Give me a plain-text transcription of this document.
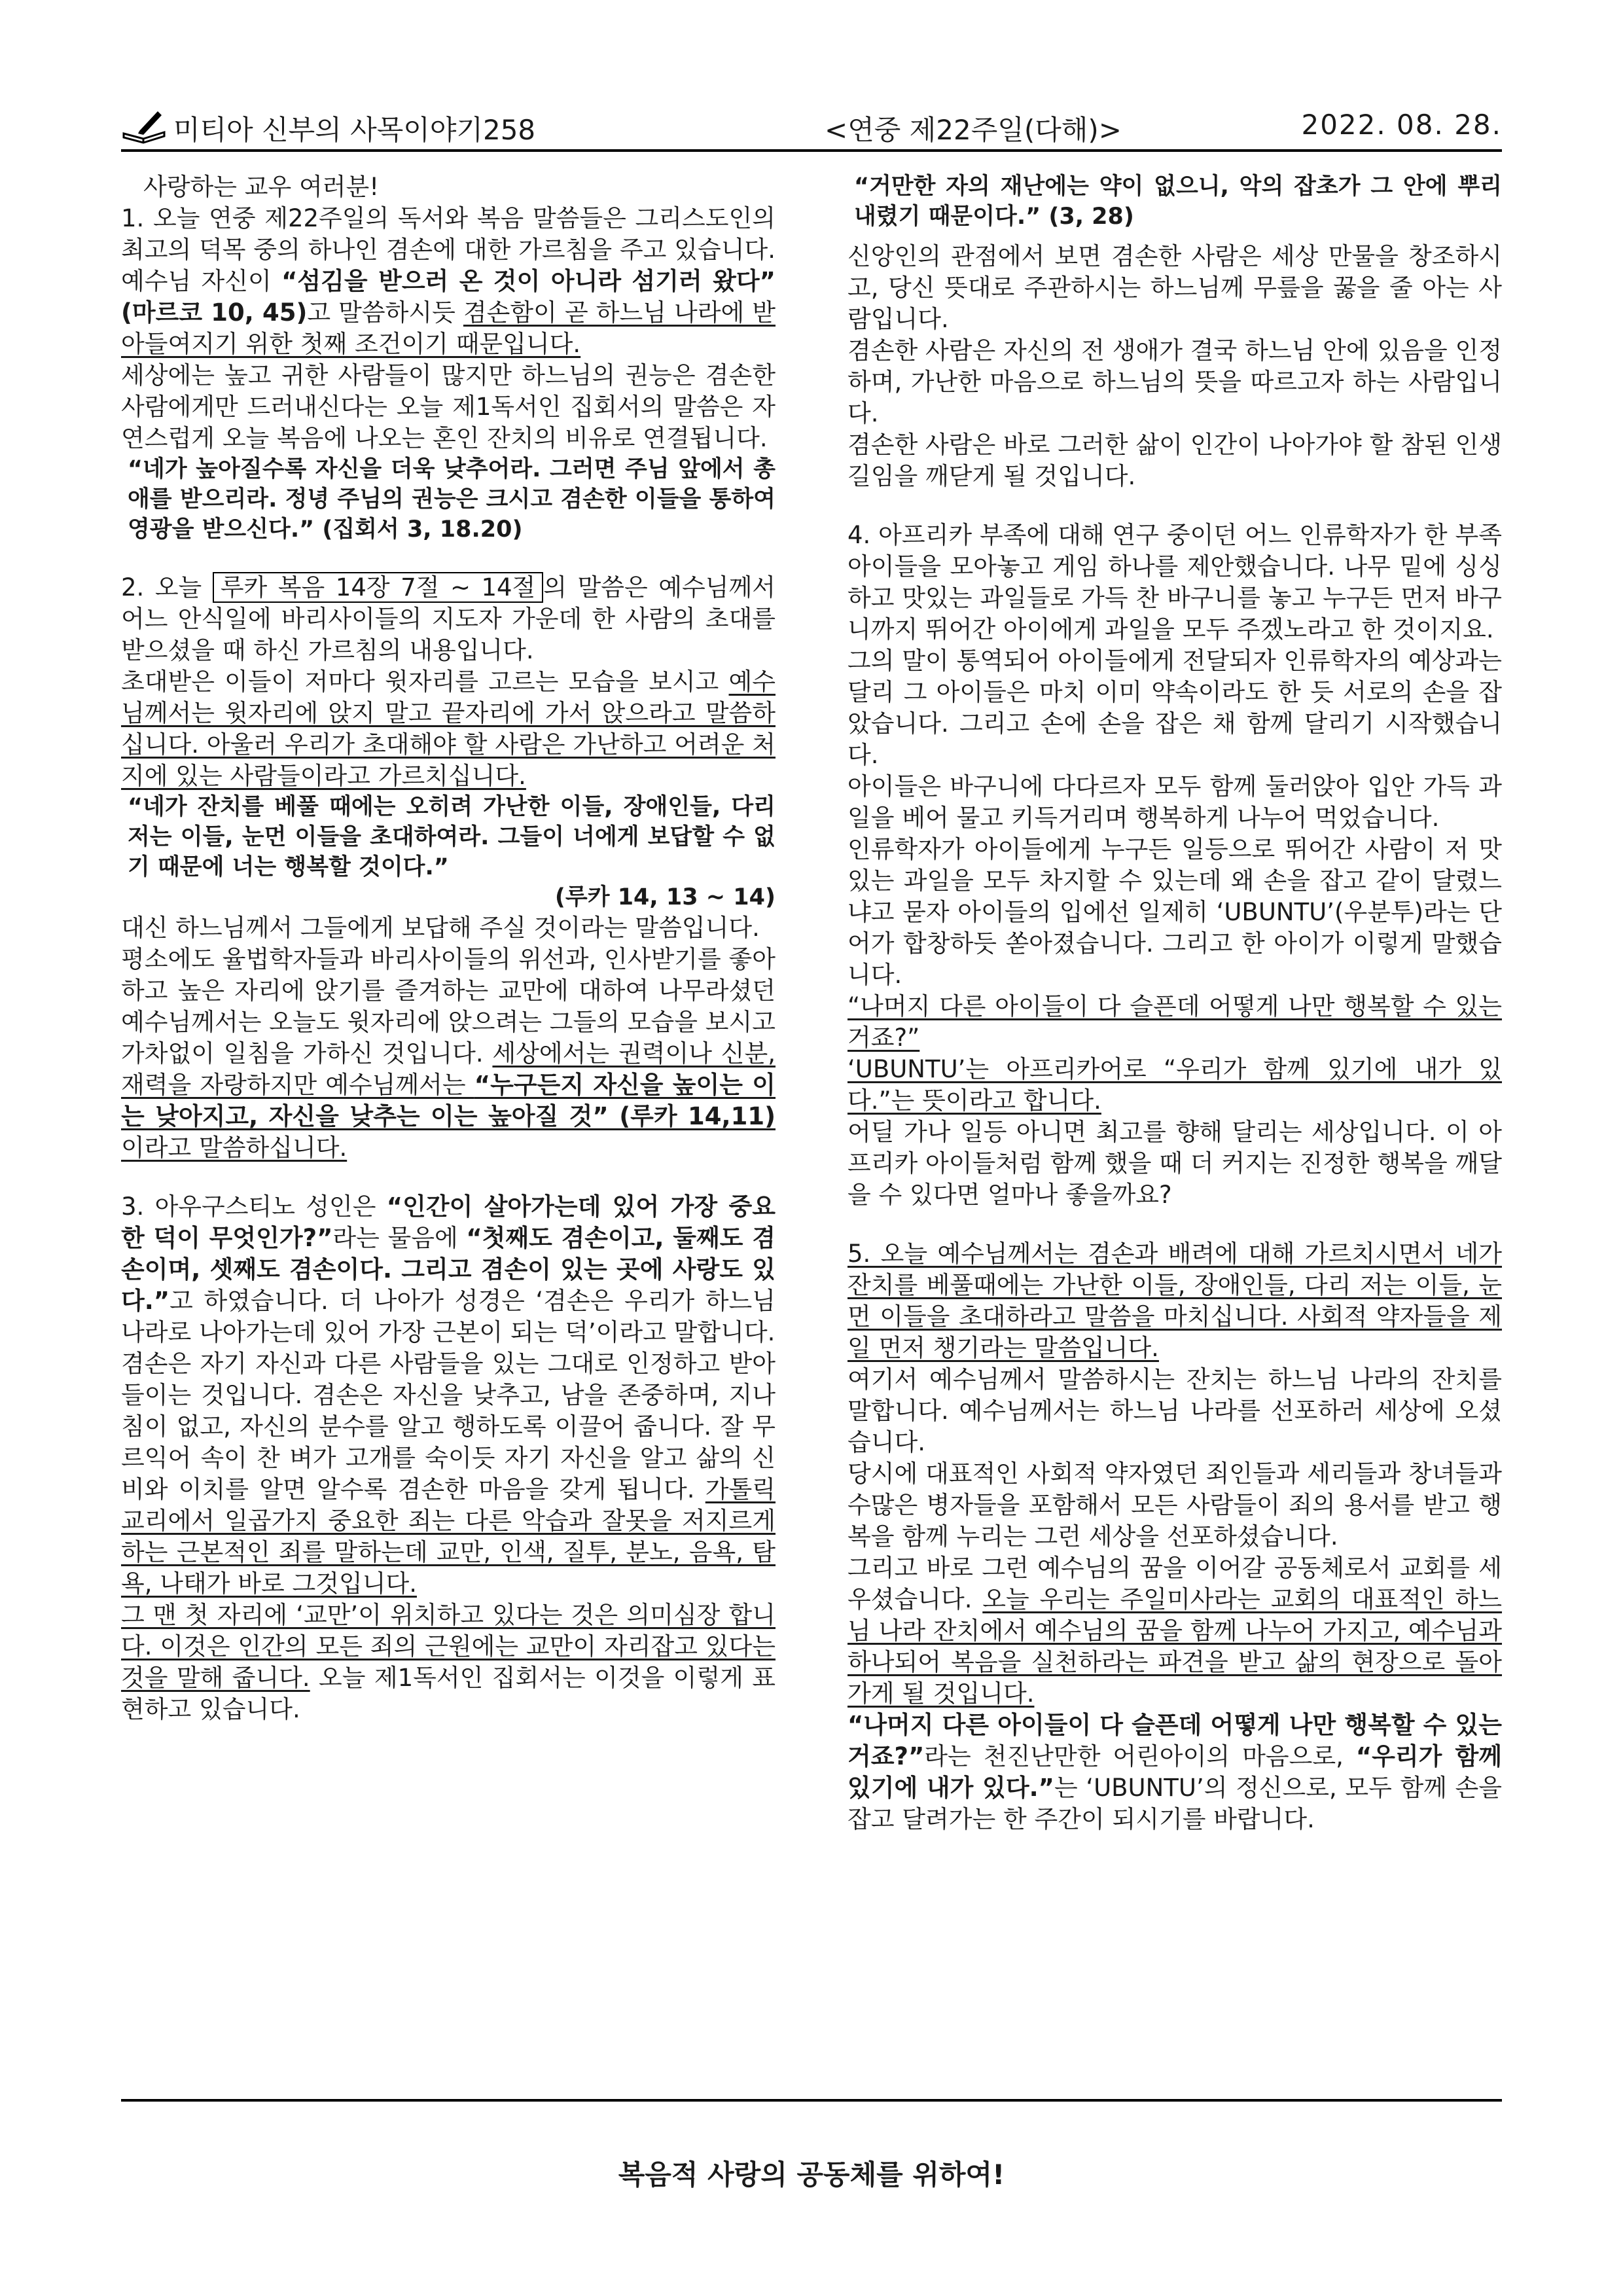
미티아 신부의 사목이야기258	<연중 제22주일(다해)>	2022. 08. 28.

사랑하는 교우 여러분!

1. 오늘 연중 제22주일의 독서와 복음 말씀들은 그리스도인의 최고의 덕목 중의 하나인 겸손에 대한 가르침을 주고 있습니다. 예수님 자신이 “섬김을 받으러 온 것이 아니라 섬기러 왔다” (마르코 10, 45)고 말씀하시듯 겸손함이 곧 하느님 나라에 받아들여지기 위한 첫째 조건이기 때문입니다.

세상에는 높고 귀한 사람들이 많지만 하느님의 권능은 겸손한 사람에게만 드러내신다는 오늘 제1독서인 집회서의 말씀은 자연스럽게 오늘 복음에 나오는 혼인 잔치의 비유로 연결됩니다.

“네가 높아질수록 자신을 더욱 낮추어라. 그러면 주님 앞에서 총애를 받으리라. 정녕 주님의 권능은 크시고 겸손한 이들을 통하여 영광을 받으신다.” (집회서 3, 18.20)

2. 오늘 루카 복음 14장 7절 ~ 14절 의 말씀은 예수님께서 어느 안식일에 바리사이들의 지도자 가운데 한 사람의 초대를 받으셨을 때 하신 가르침의 내용입니다.

초대받은 이들이 저마다 윗자리를 고르는 모습을 보시고 예수님께서는 윗자리에 앉지 말고 끝자리에 가서 앉으라고 말씀하십니다. 아울러 우리가 초대해야 할 사람은 가난하고 어려운 처지에 있는 사람들이라고 가르치십니다.

“네가 잔치를 베풀 때에는 오히려 가난한 이들, 장애인들, 다리 저는 이들, 눈먼 이들을 초대하여라. 그들이 너에게 보답할 수 없기 때문에 너는 행복할 것이다.”

(루카 14, 13 ~ 14)

대신 하느님께서 그들에게 보답해 주실 것이라는 말씀입니다.

평소에도 율법학자들과 바리사이들의 위선과, 인사받기를 좋아하고 높은 자리에 앉기를 즐겨하는 교만에 대하여 나무라셨던 예수님께서는 오늘도 윗자리에 앉으려는 그들의 모습을 보시고 가차없이 일침을 가하신 것입니다. 세상에서는 권력이나 신분, 재력을 자랑하지만 예수님께서는 “누구든지 자신을 높이는 이는 낮아지고, 자신을 낮추는 이는 높아질 것” (루카 14,11)이라고 말씀하십니다.

3. 아우구스티노 성인은 “인간이 살아가는데 있어 가장 중요한 덕이 무엇인가?”라는 물음에 “첫째도 겸손이고, 둘째도 겸손이며, 셋째도 겸손이다. 그리고 겸손이 있는 곳에 사랑도 있다.”고 하였습니다. 더 나아가 성경은 ‘겸손은 우리가 하느님 나라로 나아가는데 있어 가장 근본이 되는 덕’이라고 말합니다.

겸손은 자기 자신과 다른 사람들을 있는 그대로 인정하고 받아들이는 것입니다. 겸손은 자신을 낮추고, 남을 존중하며, 지나침이 없고, 자신의 분수를 알고 행하도록 이끌어 줍니다. 잘 무르익어 속이 찬 벼가 고개를 숙이듯 자기 자신을 알고 삶의 신비와 이치를 알면 알수록 겸손한 마음을 갖게 됩니다. 가톨릭 교리에서 일곱가지 중요한 죄는 다른 악습과 잘못을 저지르게 하는 근본적인 죄를 말하는데 교만, 인색, 질투, 분노, 음욕, 탐욕, 나태가 바로 그것입니다.

그 맨 첫 자리에 ‘교만’이 위치하고 있다는 것은 의미심장 합니다. 이것은 인간의 모든 죄의 근원에는 교만이 자리잡고 있다는 것을 말해 줍니다. 오늘 제1독서인 집회서는 이것을 이렇게 표현하고 있습니다.

“거만한 자의 재난에는 약이 없으니, 악의 잡초가 그 안에 뿌리내렸기 때문이다.” (3, 28)

신앙인의 관점에서 보면 겸손한 사람은 세상 만물을 창조하시고, 당신 뜻대로 주관하시는 하느님께 무릎을 꿇을 줄 아는 사람입니다.

겸손한 사람은 자신의 전 생애가 결국 하느님 안에 있음을 인정하며, 가난한 마음으로 하느님의 뜻을 따르고자 하는 사람입니다.

겸손한 사람은 바로 그러한 삶이 인간이 나아가야 할 참된 인생길임을 깨닫게 될 것입니다.

4. 아프리카 부족에 대해 연구 중이던 어느 인류학자가 한 부족 아이들을 모아놓고 게임 하나를 제안했습니다. 나무 밑에 싱싱하고 맛있는 과일들로 가득 찬 바구니를 놓고 누구든 먼저 바구니까지 뛰어간 아이에게 과일을 모두 주겠노라고 한 것이지요.

그의 말이 통역되어 아이들에게 전달되자 인류학자의 예상과는 달리 그 아이들은 마치 이미 약속이라도 한 듯 서로의 손을 잡았습니다. 그리고 손에 손을 잡은 채 함께 달리기 시작했습니다.

아이들은 바구니에 다다르자 모두 함께 둘러앉아 입안 가득 과일을 베어 물고 키득거리며 행복하게 나누어 먹었습니다.

인류학자가 아이들에게 누구든 일등으로 뛰어간 사람이 저 맛있는 과일을 모두 차지할 수 있는데 왜 손을 잡고 같이 달렸느냐고 묻자 아이들의 입에선 일제히 ‘UBUNTU’(우분투)라는 단어가 합창하듯 쏟아졌습니다. 그리고 한 아이가 이렇게 말했습니다.

“나머지 다른 아이들이 다 슬픈데 어떻게 나만 행복할 수 있는거죠?”

‘UBUNTU’는 아프리카어로 “우리가 함께 있기에 내가 있다.”는 뜻이라고 합니다.

어딜 가나 일등 아니면 최고를 향해 달리는 세상입니다. 이 아프리카 아이들처럼 함께 했을 때 더 커지는 진정한 행복을 깨달을 수 있다면 얼마나 좋을까요?

5. 오늘 예수님께서는 겸손과 배려에 대해 가르치시면서 네가 잔치를 베풀때에는 가난한 이들, 장애인들, 다리 저는 이들, 눈먼 이들을 초대하라고 말씀을 마치십니다. 사회적 약자들을 제일 먼저 챙기라는 말씀입니다.

여기서 예수님께서 말씀하시는 잔치는 하느님 나라의 잔치를 말합니다. 예수님께서는 하느님 나라를 선포하러 세상에 오셨습니다.

당시에 대표적인 사회적 약자였던 죄인들과 세리들과 창녀들과 수많은 병자들을 포함해서 모든 사람들이 죄의 용서를 받고 행복을 함께 누리는 그런 세상을 선포하셨습니다.

그리고 바로 그런 예수님의 꿈을 이어갈 공동체로서 교회를 세우셨습니다. 오늘 우리는 주일미사라는 교회의 대표적인 하느님 나라 잔치에서 예수님의 꿈을 함께 나누어 가지고, 예수님과 하나되어 복음을 실천하라는 파견을 받고 삶의 현장으로 돌아가게 될 것입니다.

“나머지 다른 아이들이 다 슬픈데 어떻게 나만 행복할 수 있는거죠?”라는 천진난만한 어린아이의 마음으로, “우리가 함께 있기에 내가 있다.”는 ‘UBUNTU’의 정신으로, 모두 함께 손을 잡고 달려가는 한 주간이 되시기를 바랍니다.

복음적 사랑의 공동체를 위하여!
